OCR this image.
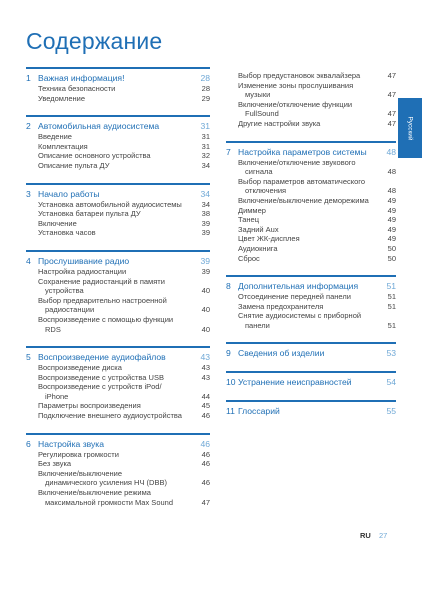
Содержание
1 Важная информация!	28
Техника безопасности	28
Уведомление	29
2 Автомобильная аудиосистема	31
Введение	31
Комплектация	31
Описание основного устройства	32
Описание пульта ДУ	34
3 Начало работы	34
Установка автомобильной аудиосистемы	34
Установка батареи пульта ДУ	38
Включение	39
Установка часов	39
4 Прослушивание радио	39
Настройка радиостанции	39
Сохранение радиостанций в памяти
устройства	40
Выбор предварительно настроенной
радиостанции	40
Воспроизведение с помощью функции
RDS	40
5 Воспроизведение аудиофайлов	43
Воспроизведение диска	43
Воспроизведение с устройства USB	43
Воспроизведение с устройств iPod/
iPhone	44
Параметры воспроизведения	45
Подключение внешнего аудиоустройства	46
6 Настройка звука	46
Регулировка громкости	46
Без звука	46
Включение/выключение
динамического усиления НЧ (DBB)	46
Включение/выключение режима
максимальной громкости Max Sound	47
Выбор предустановок эквалайзера	47
Изменение зоны прослушивания
музыки	47
Включение/отключение функции
FullSound	47
Другие настройки звука	47
7 Настройка параметров системы	48
Включение/отключение звукового
сигнала	48
Выбор параметров автоматического
отключения	48
Включение/выключение деморежима	49
Диммер	49
Танец	49
Задний Aux	49
Цвет ЖК-дисплея	49
Аудиокнига	50
Сброс	50
8 Дополнительная информация	51
Отсоединение передней панели	51
Замена предохранителя	51
Снятие аудиосистемы с приборной
панели	51
9 Сведения об изделии	53
10 Устранение неисправностей	54
11 Глоссарий	55
Русский
RU 27
